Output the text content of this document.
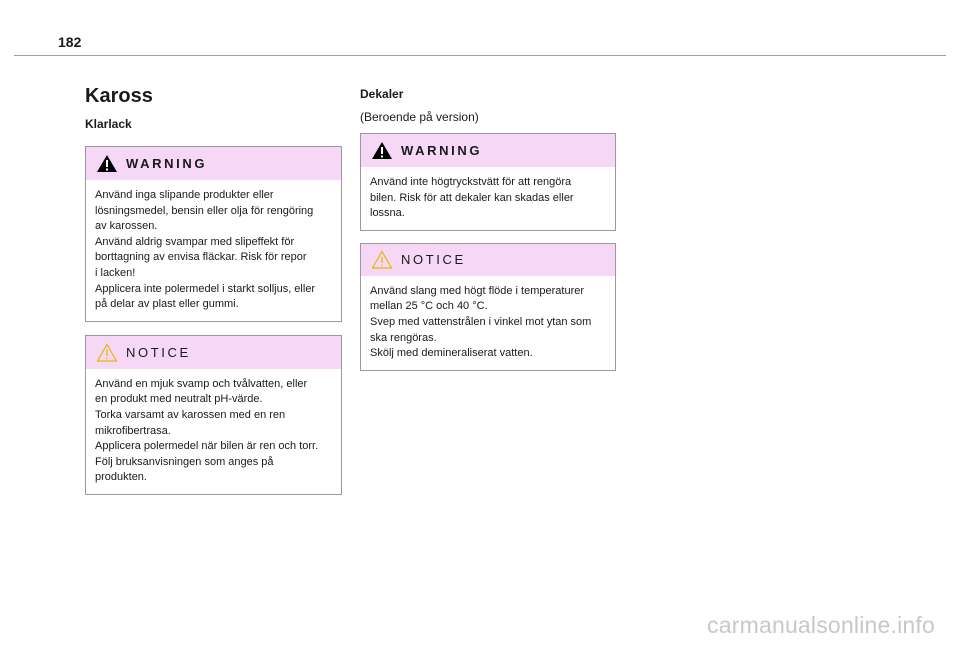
182
Kaross
Klarlack
WARNING

Använd inga slipande produkter eller

lösningsmedel, bensin eller olja för rengöring

av karossen.

Använd aldrig svampar med slipeffekt för

borttagning av envisa fläckar. Risk för repor

i lacken!

Applicera inte polermedel i starkt solljus, eller

på delar av plast eller gummi.

NOTICE

Använd en mjuk svamp och tvålvatten, eller

en produkt med neutralt pH-värde.

Torka varsamt av karossen med en ren

mikrofibertrasa.

Applicera polermedel när bilen är ren och torr.

Följ bruksanvisningen som anges på

produkten.

Dekaler
(Beroende på version)
WARNING

Använd inte högtryckstvätt för att rengöra

bilen. Risk för att dekaler kan skadas eller

lossna.

NOTICE

Använd slang med högt flöde i temperaturer

mellan 25 °C och 40 °C.

Svep med vattenstrålen i vinkel mot ytan som

ska rengöras.

Skölj med demineraliserat vatten.

carmanualsonline.info
